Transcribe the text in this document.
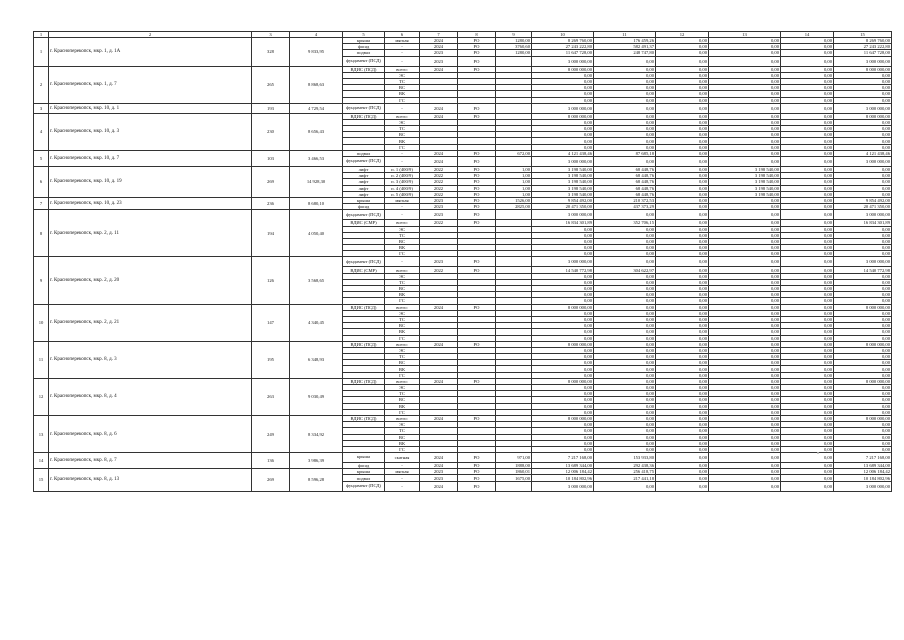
1	2	3	4	5	6	7	8	9	10	11	12	13	14	15
1	г. Краснoперекопск, мкр. 1, д. 1А	328	9 833,95	крыша	мягкая	2024	РО	1280,00	8 269 760,00	176 459,26	0,00	0,00	0,00	8 269 760,00
				фасад	-	2024	РО	3760,60	27 243 222,80	582 491,37	0,00	0,00	0,00	27 243 222,80
				подвал	-	2023	РО	1280,00	11 647 728,00	248 747,80	0,00	0,00	0,00	11 647 728,00
				фундамент (ПСД)	-	2023	РО		3 000 000,00	0,00	0,00	0,00	0,00	3 000 000,00
2	г. Краснoперекопск, мкр. 1, д. 7	265	8 868,63	ВДИС (ПСД)	всего:	2024	РО		8 000 000,00	0,00	0,00	0,00	0,00	8 000 000,00
					ЭС				0,00	0,00	0,00	0,00	0,00	0,00
					ТС				0,00	0,00	0,00	0,00	0,00	0,00
					ВС				0,00	0,00	0,00	0,00	0,00	0,00
					ВК				0,00	0,00	0,00	0,00	0,00	0,00
					ГС				0,00	0,00	0,00	0,00	0,00	0,00
3	г. Краснoперекопск, мкр. 10, д. 1	193	4 729,54	фундамент (ПСД)	-	2024	РО		3 000 000,00	0,00	0,00	0,00	0,00	3 000 000,00
4	г. Краснoперекопск, мкр. 10, д. 3	230	8 656,43	ВДИС (ПСД)	всего:	2024	РО		8 000 000,00	0,00	0,00	0,00	0,00	8 000 000,00
					ЭС				0,00	0,00	0,00	0,00	0,00	0,00
					ТС				0,00	0,00	0,00	0,00	0,00	0,00
					ВС				0,00	0,00	0,00	0,00	0,00	0,00
					ВК				0,00	0,00	0,00	0,00	0,00	0,00
					ГС				0,00	0,00	0,00	0,00	0,00	0,00
5	г. Краснoперекопск, мкр. 10, д. 7	103	3 466,53	подвал	-	2024	РО	672,00	4 121 438,46	87 685,18	0,00	0,00	0,00	4 121 438,46
				фундамент (ПСД)	-	2024	РО		3 000 000,00	0,00	0,00	0,00	0,00	3 000 000,00
6	г. Краснoперекопск, мкр. 10, д. 19	269	14 928,30	лифт	п. 1 (400/9)	2022	РО	1,00	3 198 540,00	68 448,76	0,00	3 198 540,00	0,00	0,00
				лифт	п. 2 (400/9)	2022	РО	1,00	3 198 540,00	68 448,76	0,00	3 198 540,00	0,00	0,00
				лифт	п. 3 (400/9)	2022	РО	1,00	3 198 540,00	68 448,76	0,00	3 198 540,00	0,00	0,00
				лифт	п. 4 (400/9)	2022	РО	1,00	3 198 540,00	68 448,76	0,00	3 198 540,00	0,00	0,00
				лифт	п. 5 (400/9)	2022	РО	1,00	3 198 540,00	68 448,76	0,00	3 198 540,00	0,00	0,00
7	г. Краснoперекопск, мкр. 10, д. 23	236	8 680,10	крыша	мягкая	2023	РО	1526,00	9 854 492,00	210 372,53	0,00	0,00	0,00	9 854 492,00
				фасад	-	2023	РО	2825,00	20 471 350,00	437 373,29	0,00	0,00	0,00	20 471 350,00
8	г. Краснoперекопск, мкр. 2, д. 11	194	4 050,40	фундамент (ПСД)	-	2023	РО		3 000 000,00	0,00	0,00	0,00	0,00	3 000 000,00
				ВДИС (СМР)	всего:	2022	РО		16 834 301,89	352 706,15	0,00	0,00	0,00	16 834 301,89
					ЭС				0,00	0,00	0,00	0,00	0,00	0,00
					ТС				0,00	0,00	0,00	0,00	0,00	0,00
					ВС				0,00	0,00	0,00	0,00	0,00	0,00
					ВК				0,00	0,00	0,00	0,00	0,00	0,00
					ГС				0,00	0,00	0,00	0,00	0,00	0,00
9	г. Краснoперекопск, мкр. 2, д. 20	126	3 568,65	фундамент (ПСД)	-	2023	РО		3 000 000,00	0,00	0,00	0,00	0,00	3 000 000,00
				ВДИС (СМР)	всего:	2022	РО		14 540 772,98	304 622,97	0,00	0,00	0,00	14 540 772,98
					ЭС				0,00	0,00	0,00	0,00	0,00	0,00
					ТС				0,00	0,00	0,00	0,00	0,00	0,00
					ВС				0,00	0,00	0,00	0,00	0,00	0,00
					ВК				0,00	0,00	0,00	0,00	0,00	0,00
					ГС				0,00	0,00	0,00	0,00	0,00	0,00
10	г. Краснoперекопск, мкр. 2, д. 21	147	4 340,45	ВДИС (ПСД)	всего:	2024	РО		8 000 000,00	0,00	0,00	0,00	0,00	8 000 000,00
					ЭС				0,00	0,00	0,00	0,00	0,00	0,00
					ТС				0,00	0,00	0,00	0,00	0,00	0,00
					ВС				0,00	0,00	0,00	0,00	0,00	0,00
					ВК				0,00	0,00	0,00	0,00	0,00	0,00
					ГС				0,00	0,00	0,00	0,00	0,00	0,00
11	г. Краснoперекопск, мкр. 8, д. 3	195	6 348,93	ВДИС (ПСД)	всего:	2024	РО		8 000 000,00	0,00	0,00	0,00	0,00	8 000 000,00
					ЭС				0,00	0,00	0,00	0,00	0,00	0,00
					ТС				0,00	0,00	0,00	0,00	0,00	0,00
					ВС				0,00	0,00	0,00	0,00	0,00	0,00
					ВК				0,00	0,00	0,00	0,00	0,00	0,00
					ГС				0,00	0,00	0,00	0,00	0,00	0,00
12	г. Краснoперекопск, мкр. 8, д. 4	263	9 030,49	ВДИС (ПСД)	всего:	2024	РО		8 000 000,00	0,00	0,00	0,00	0,00	8 000 000,00
					ЭС				0,00	0,00	0,00	0,00	0,00	0,00
					ТС				0,00	0,00	0,00	0,00	0,00	0,00
					ВС				0,00	0,00	0,00	0,00	0,00	0,00
					ВК				0,00	0,00	0,00	0,00	0,00	0,00
					ГС				0,00	0,00	0,00	0,00	0,00	0,00
13	г. Краснoперекопск, мкр. 8, д. 6	249	8 334,92	ВДИС (ПСД)	всего:	2024	РО		8 000 000,00	0,00	0,00	0,00	0,00	8 000 000,00
					ЭС				0,00	0,00	0,00	0,00	0,00	0,00
					ТС				0,00	0,00	0,00	0,00	0,00	0,00
					ВС				0,00	0,00	0,00	0,00	0,00	0,00
					ВК				0,00	0,00	0,00	0,00	0,00	0,00
					ГС				0,00	0,00	0,00	0,00	0,00	0,00
14	г. Краснoперекопск, мкр. 8, д. 7	136	3 986,39	крыша	скатная	2024	РО	971,00	7 217 168,00	153 933,80	0,00	0,00	0,00	7 217 168,00
				фасад	-	2024	РО	1888,00	13 689 344,00	292 438,36	0,00	0,00	0,00	13 689 344,00
15	г. Краснoперекопск, мкр. 8, д. 13	269	8 596,28	крыша	мягкая	2023	РО	1860,01	12 006 184,42	256 418,75	0,00	0,00	0,00	12 006 184,42
				подвал	-	2023	РО	1675,00	10 184 802,96	217 441,18	0,00	0,00	0,00	10 184 802,96
				фундамент (ПСД)	-	2024	РО		3 000 000,00	0,00	0,00	0,00	0,00	3 000 000,00
